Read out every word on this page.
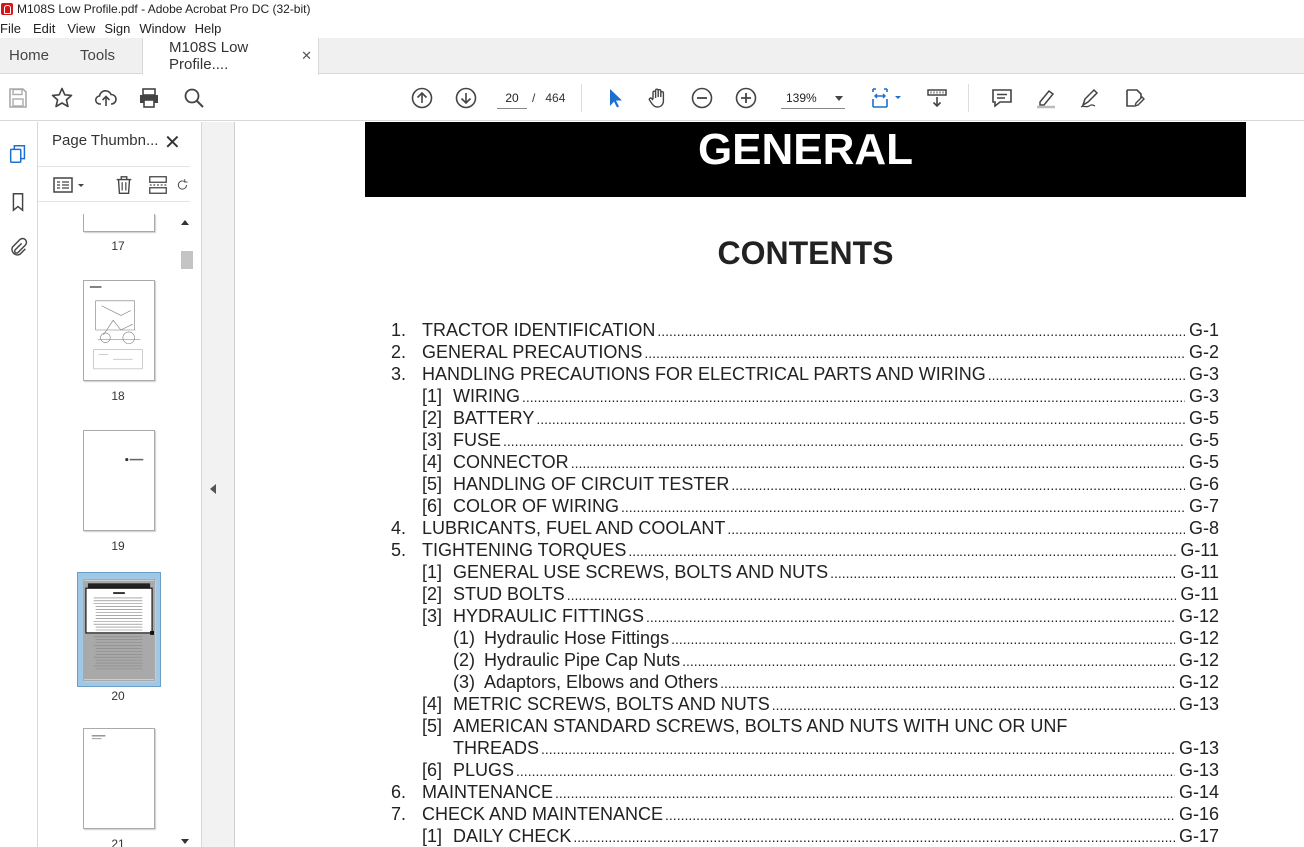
M108S Low Profile.pdf - Adobe Acrobat Pro DC (32-bit)
File Edit View Sign Window Help
Home	Tools	M108S Low Profile....
✕
20	/ 464	139%
Page Thumbn... ✕
17
18
19
20
21
GENERAL
CONTENTS
1. TRACTOR IDENTIFICATION .....	G-1
2. GENERAL PRECAUTIONS .....	G-2
3. HANDLING PRECAUTIONS FOR ELECTRICAL PARTS AND WIRING .....	G-3
[1] WIRING .....	G-3
[2] BATTERY .....	G-5
[3] FUSE .....	G-5
[4] CONNECTOR .....	G-5
[5] HANDLING OF CIRCUIT TESTER .....	G-6
[6] COLOR OF WIRING .....	G-7
4. LUBRICANTS, FUEL AND COOLANT .....	G-8
5. TIGHTENING TORQUES .....	G-11
[1] GENERAL USE SCREWS, BOLTS AND NUTS .....	G-11
[2] STUD BOLTS .....	G-11
[3] HYDRAULIC FITTINGS .....	G-12
(1) Hydraulic Hose Fittings .....	G-12
(2) Hydraulic Pipe Cap Nuts .....	G-12
(3) Adaptors, Elbows and Others .....	G-12
[4] METRIC SCREWS, BOLTS AND NUTS .....	G-13
[5] AMERICAN STANDARD SCREWS, BOLTS AND NUTS WITH UNC OR UNF
THREADS .....	G-13
[6] PLUGS .....	G-13
6. MAINTENANCE .....	G-14
7. CHECK AND MAINTENANCE .....	G-16
[1] DAILY CHECK .....	G-17
